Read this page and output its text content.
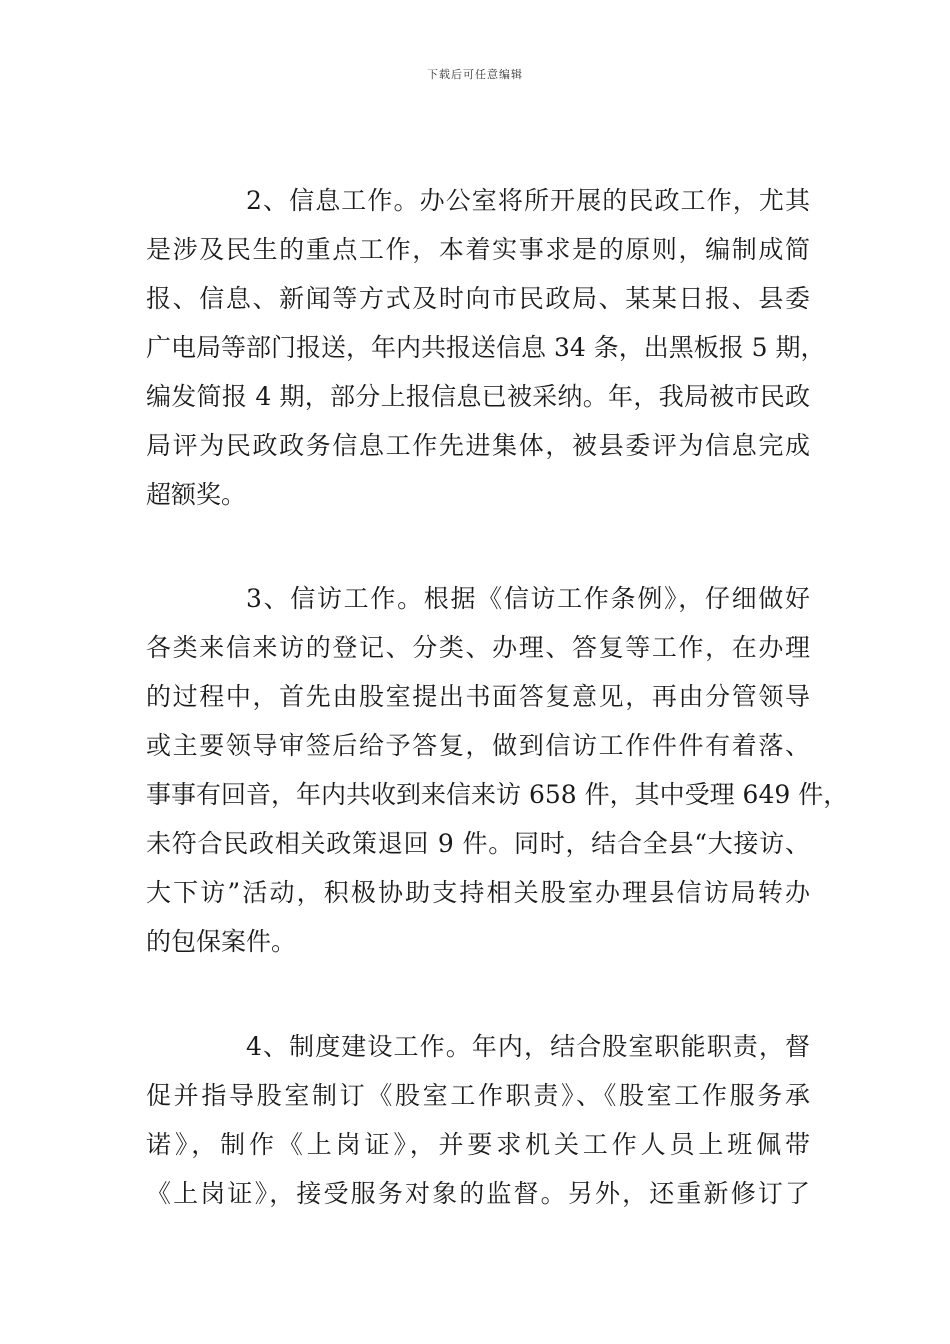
下载后可任意编辑
2、信息工作。办公室将所开展的民政工作，尤其
是涉及民生的重点工作，本着实事求是的原则，编制成简
报、信息、新闻等方式及时向市民政局、某某日报、县委
广电局等部门报送，年内共报送信息 34 条，出黑板报 5 期，
编发简报 4 期，部分上报信息已被采纳。年，我局被市民政
局评为民政政务信息工作先进集体，被县委评为信息完成
超额奖。
3、信访工作。根据《信访工作条例》，仔细做好
各类来信来访的登记、分类、办理、答复等工作，在办理
的过程中，首先由股室提出书面答复意见，再由分管领导
或主要领导审签后给予答复，做到信访工作件件有着落、
事事有回音，年内共收到来信来访 658 件，其中受理 649 件，
未符合民政相关政策退回 9 件。同时，结合全县“大接访、
大下访”活动，积极协助支持相关股室办理县信访局转办
的包保案件。
4、制度建设工作。年内，结合股室职能职责，督
促并指导股室制订《股室工作职责》、《股室工作服务承
诺》，制作《上岗证》，并要求机关工作人员上班佩带
《上岗证》，接受服务对象的监督。另外，还重新修订了
